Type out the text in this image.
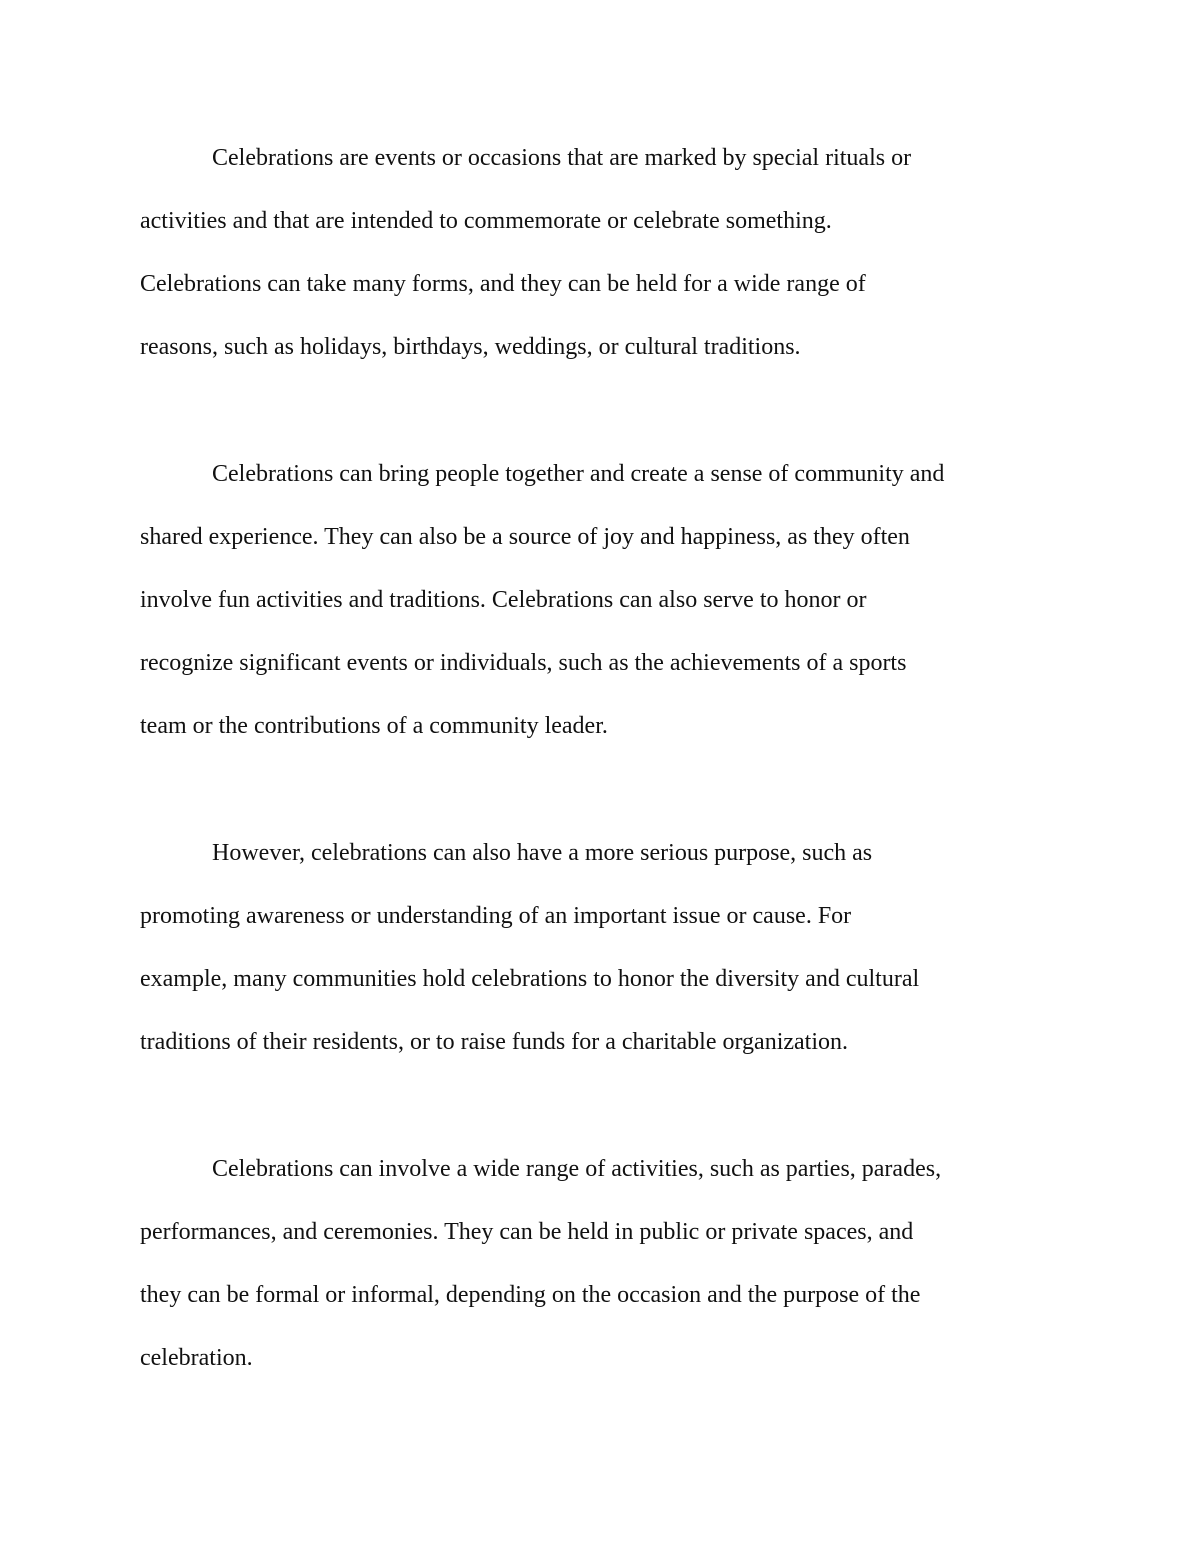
Celebrations are events or occasions that are marked by special rituals or

activities and that are intended to commemorate or celebrate something.

Celebrations can take many forms, and they can be held for a wide range of

reasons, such as holidays, birthdays, weddings, or cultural traditions.

Celebrations can bring people together and create a sense of community and

shared experience. They can also be a source of joy and happiness, as they often

involve fun activities and traditions. Celebrations can also serve to honor or

recognize significant events or individuals, such as the achievements of a sports

team or the contributions of a community leader.

However, celebrations can also have a more serious purpose, such as

promoting awareness or understanding of an important issue or cause. For

example, many communities hold celebrations to honor the diversity and cultural

traditions of their residents, or to raise funds for a charitable organization.

Celebrations can involve a wide range of activities, such as parties, parades,

performances, and ceremonies. They can be held in public or private spaces, and

they can be formal or informal, depending on the occasion and the purpose of the

celebration.
